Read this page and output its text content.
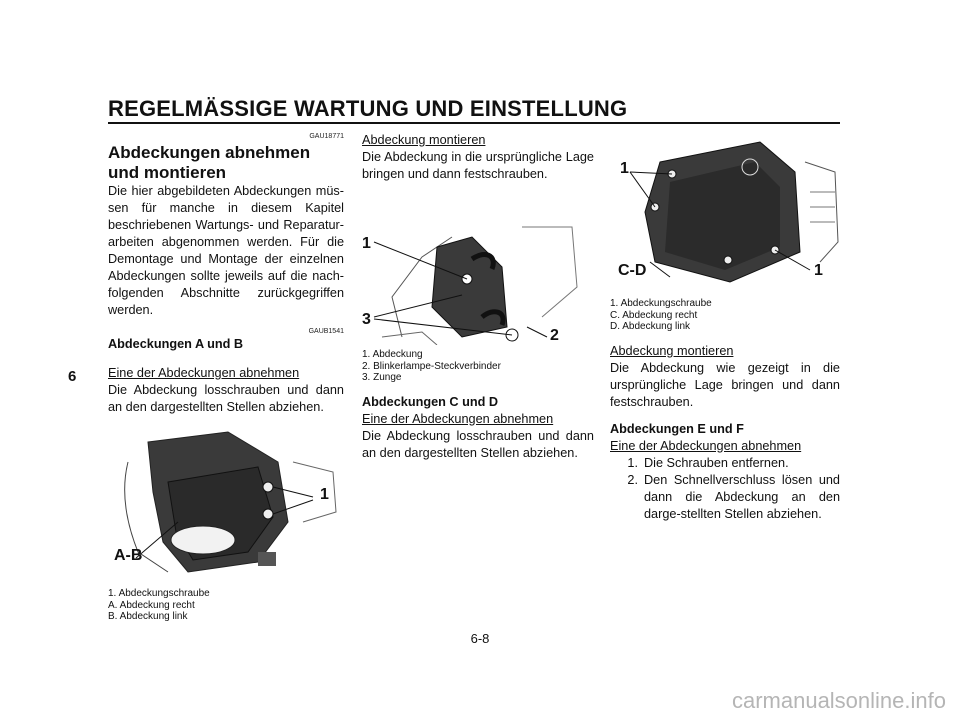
REGELMÄSSIGE WARTUNG UND EINSTELLUNG
6
GAU18771
Abdeckungen abnehmen und montieren
Die hier abgebildeten Abdeckungen müs-sen für manche in diesem Kapitel beschriebenen Wartungs- und Reparatur-arbeiten abgenommen werden. Für die Demontage und Montage der einzelnen Abdeckungen sollte jeweils auf die nach-folgenden Abschnitte zurückgegriffen werden.
GAUB1541
Abdeckungen A und B
Eine der Abdeckungen abnehmen
Die Abdeckung losschrauben und dann an den dargestellten Stellen abziehen.
1
A-B
1. Abdeckungschraube
A. Abdeckung recht
B. Abdeckung link
Abdeckung montieren
Die Abdeckung in die ursprüngliche Lage bringen und dann festschrauben.
1
3
2
1. Abdeckung
2. Blinkerlampe-Steckverbinder
3. Zunge
Abdeckungen C und D
Eine der Abdeckungen abnehmen
Die Abdeckung losschrauben und dann an den dargestellten Stellen abziehen.
1
1
C-D
1. Abdeckungschraube
C. Abdeckung recht
D. Abdeckung link
Abdeckung montieren
Die Abdeckung wie gezeigt in die ursprüngliche Lage bringen und dann festschrauben.
Abdeckungen E und F
Eine der Abdeckungen abnehmen
1. Die Schrauben entfernen.
2. Den Schnellverschluss lösen und dann die Abdeckung an den darge-stellten Stellen abziehen.
6-8
carmanualsonline.info
